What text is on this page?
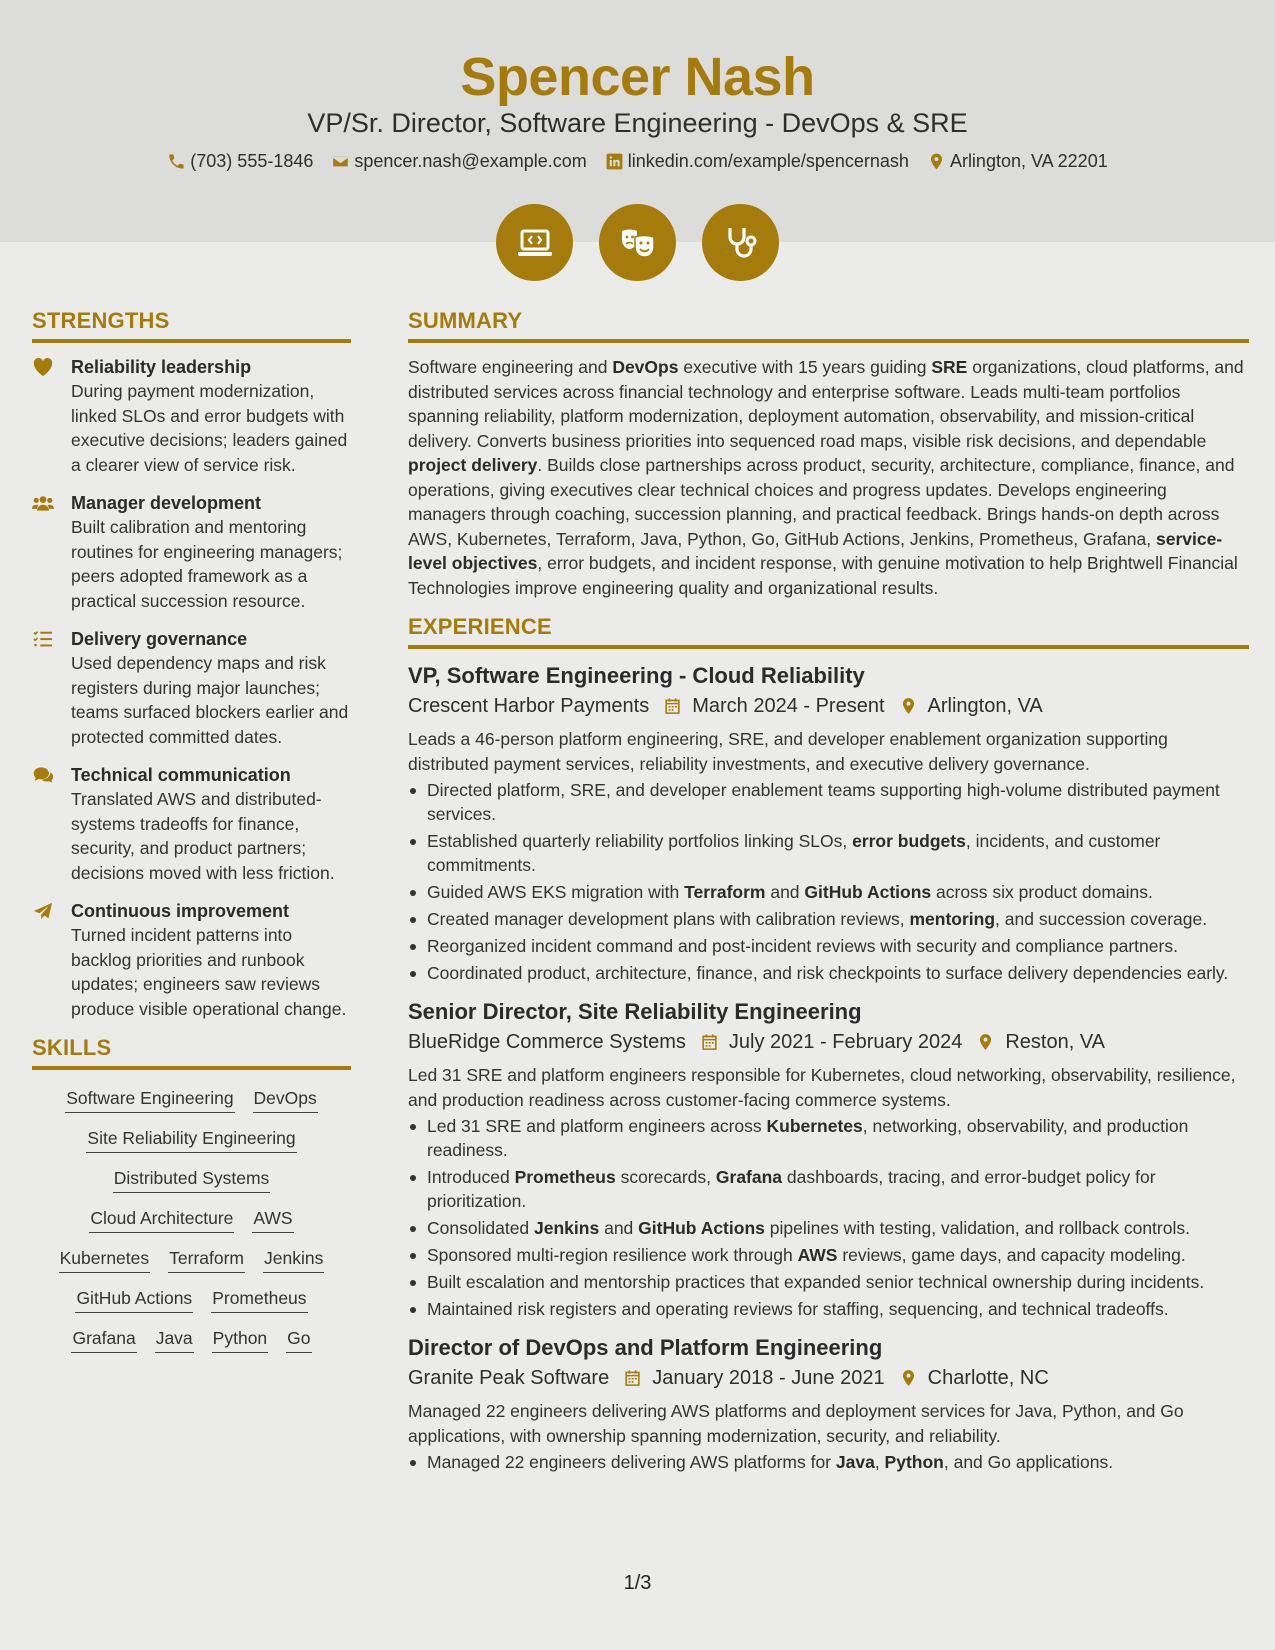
Spencer Nash
VP/Sr. Director, Software Engineering - DevOps & SRE
(703) 555-1846 spencer.nash@example.com linkedin.com/example/spencernash Arlington, VA 22201
STRENGTHS
Reliability leadership
During payment modernization, linked SLOs and error budgets with executive decisions; leaders gained a clearer view of service risk.
Manager development
Built calibration and mentoring routines for engineering managers; peers adopted framework as a practical succession resource.
Delivery governance
Used dependency maps and risk registers during major launches; teams surfaced blockers earlier and protected committed dates.
Technical communication
Translated AWS and distributed-systems tradeoffs for finance, security, and product partners; decisions moved with less friction.
Continuous improvement
Turned incident patterns into backlog priorities and runbook updates; engineers saw reviews produce visible operational change.
SKILLS
Software Engineering DevOps
Site Reliability Engineering
Distributed Systems
Cloud Architecture AWS
Kubernetes Terraform Jenkins
GitHub Actions Prometheus
Grafana Java Python Go
SUMMARY
Software engineering and DevOps executive with 15 years guiding SRE organizations, cloud platforms, and distributed services across financial technology and enterprise software. Leads multi-team portfolios spanning reliability, platform modernization, deployment automation, observability, and mission-critical delivery. Converts business priorities into sequenced road maps, visible risk decisions, and dependable project delivery. Builds close partnerships across product, security, architecture, compliance, finance, and operations, giving executives clear technical choices and progress updates. Develops engineering managers through coaching, succession planning, and practical feedback. Brings hands-on depth across AWS, Kubernetes, Terraform, Java, Python, Go, GitHub Actions, Jenkins, Prometheus, Grafana, service-level objectives, error budgets, and incident response, with genuine motivation to help Brightwell Financial Technologies improve engineering quality and organizational results.
EXPERIENCE
VP, Software Engineering - Cloud Reliability
Crescent Harbor Payments March 2024 - Present Arlington, VA
Leads a 46-person platform engineering, SRE, and developer enablement organization supporting distributed payment services, reliability investments, and executive delivery governance.
Directed platform, SRE, and developer enablement teams supporting high-volume distributed payment services.
Established quarterly reliability portfolios linking SLOs, error budgets, incidents, and customer commitments.
Guided AWS EKS migration with Terraform and GitHub Actions across six product domains.
Created manager development plans with calibration reviews, mentoring, and succession coverage.
Reorganized incident command and post-incident reviews with security and compliance partners.
Coordinated product, architecture, finance, and risk checkpoints to surface delivery dependencies early.
Senior Director, Site Reliability Engineering
BlueRidge Commerce Systems July 2021 - February 2024 Reston, VA
Led 31 SRE and platform engineers responsible for Kubernetes, cloud networking, observability, resilience, and production readiness across customer-facing commerce systems.
Led 31 SRE and platform engineers across Kubernetes, networking, observability, and production readiness.
Introduced Prometheus scorecards, Grafana dashboards, tracing, and error-budget policy for prioritization.
Consolidated Jenkins and GitHub Actions pipelines with testing, validation, and rollback controls.
Sponsored multi-region resilience work through AWS reviews, game days, and capacity modeling.
Built escalation and mentorship practices that expanded senior technical ownership during incidents.
Maintained risk registers and operating reviews for staffing, sequencing, and technical tradeoffs.
Director of DevOps and Platform Engineering
Granite Peak Software January 2018 - June 2021 Charlotte, NC
Managed 22 engineers delivering AWS platforms and deployment services for Java, Python, and Go applications, with ownership spanning modernization, security, and reliability.
Managed 22 engineers delivering AWS platforms for Java, Python, and Go applications.
1/3
